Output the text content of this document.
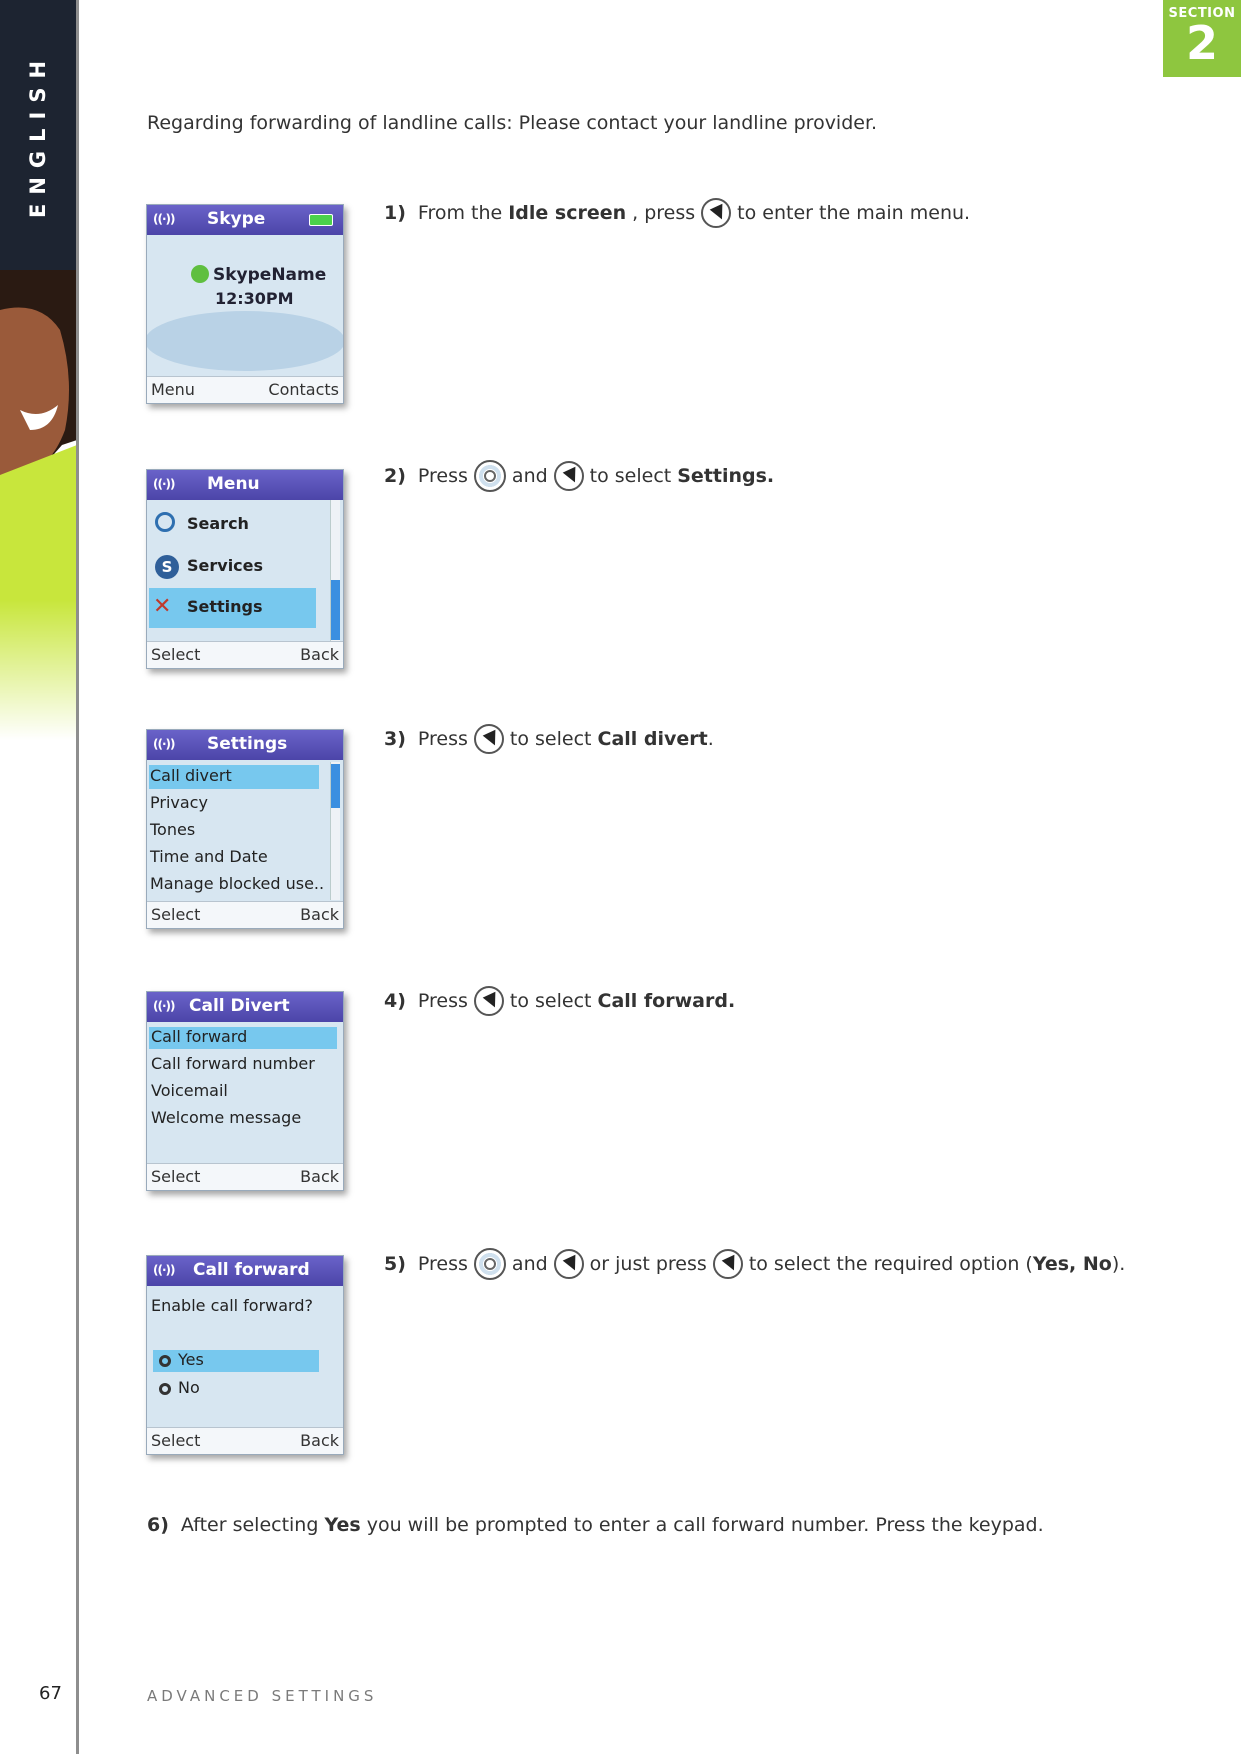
ENGLISH
SECTION
2
Regarding forwarding of landline calls: Please contact your landline provider.
((·)) Skype
SkypeName
12:30PM
Menu	Contacts
1) From the Idle screen , press to enter the main menu.
((·)) Menu
Search
S Services
✕ Settings
Select	Back
2) Press and to select Settings.
((·)) Settings
Call divert
Privacy
Tones
Time and Date
Manage blocked use..
Select	Back
3) Press to select Call divert .
((·)) Call Divert
Call forward
Call forward number
Voicemail
Welcome message
Select	Back
4) Press to select Call forward.
((·)) Call forward
Enable call forward?
Yes
No
Select	Back
5) Press and or just press to select the required option ( Yes, No ).
6) After selecting Yes you will be prompted to enter a call forward number. Press the keypad.
67	ADVANCED SETTINGS
